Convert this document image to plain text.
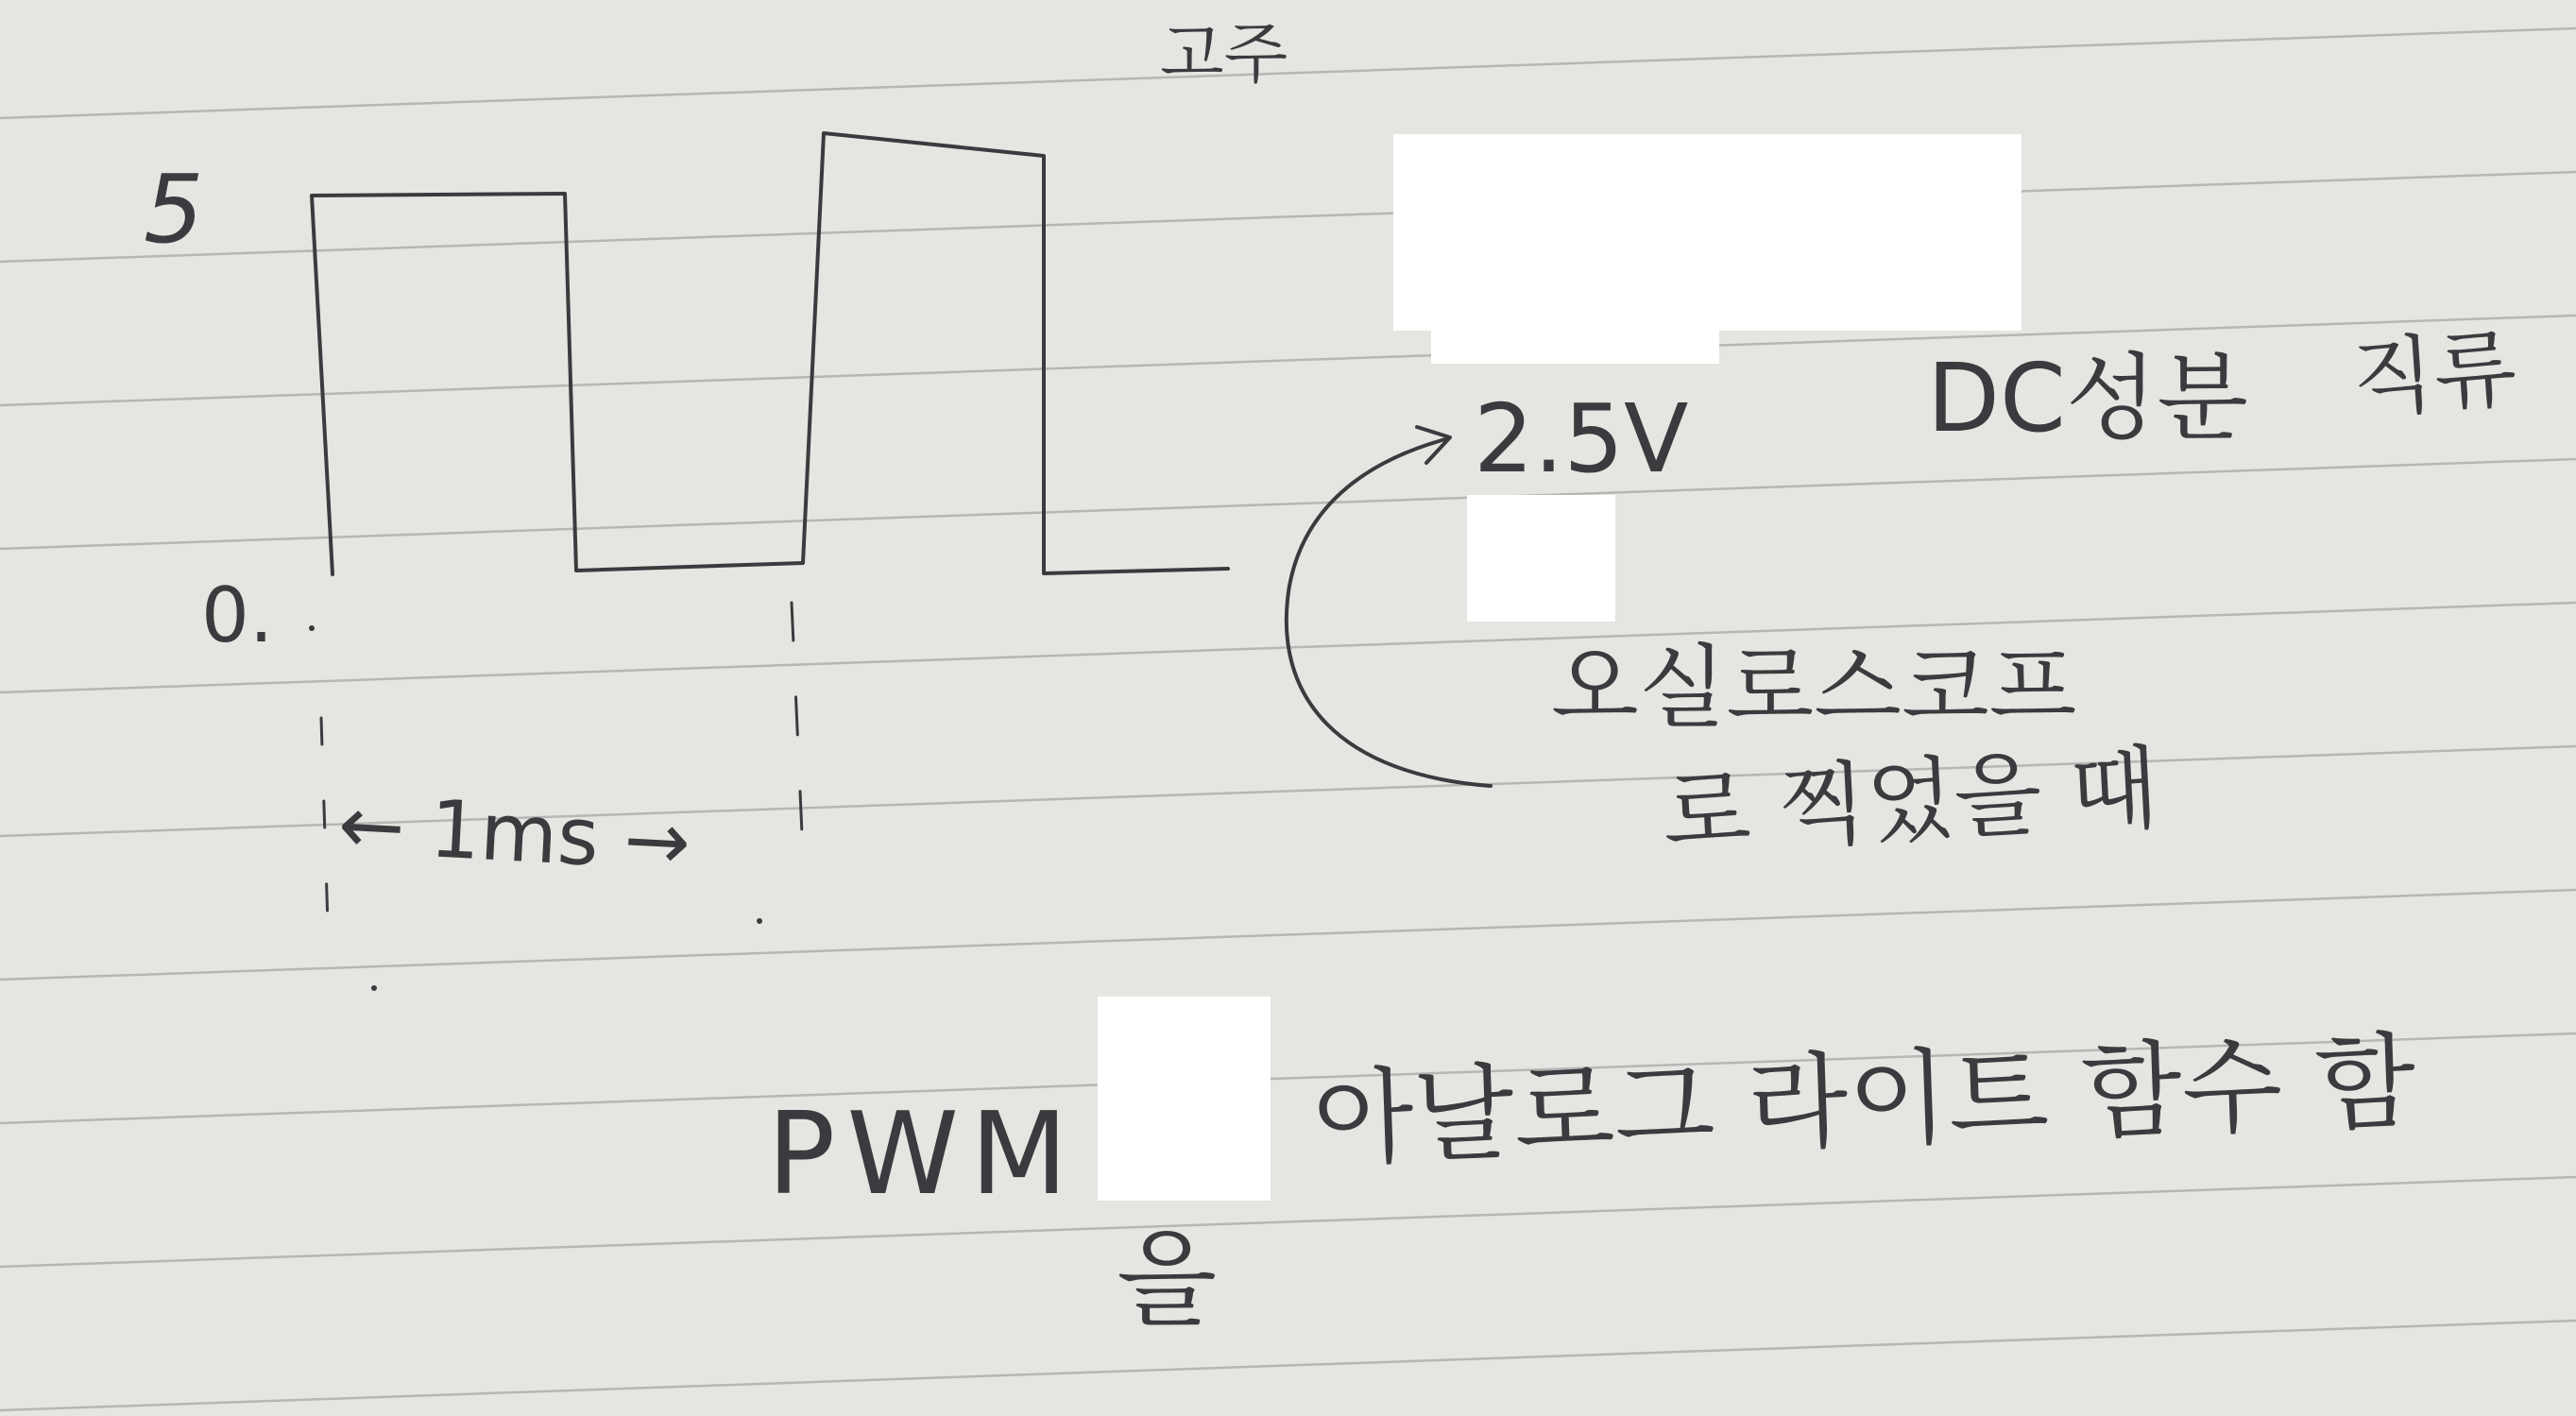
고주
5
0.
← 1ms →
2.5V	DC성분 직류
오실로스코프
로 찍었을 때
PWM 아날로그 라이트 함수 함
을
